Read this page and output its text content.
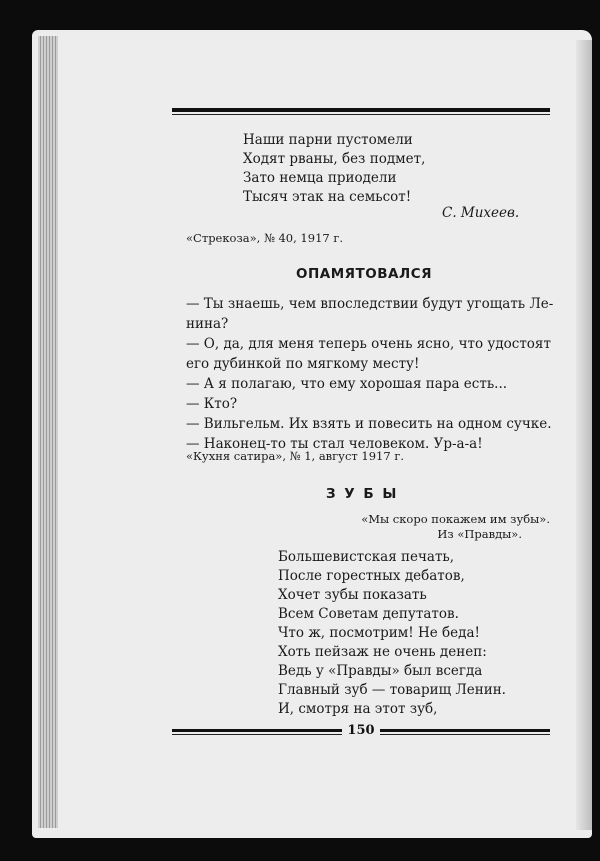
Наши парни пустомели
Ходят рваны, без подмет,
Зато немца приодели
Тысяч этак на семьсот!
С. Михеев.
«Стрекоза», № 40, 1917 г.
ОПАМЯТОВАЛСЯ
— Ты знаешь, чем впоследствии будут угощать Ле-
нина?
— О, да, для меня теперь очень ясно, что удостоят
его дубинкой по мягкому месту!
— А я полагаю, что ему хорошая пара есть...
— Кто?
— Вильгельм. Их взять и повесить на одном сучке.
— Наконец-то ты стал человеком. Ур-а-а!
«Кухня сатира», № 1, август 1917 г.
З У Б Ы
«Мы скоро покажем им зубы».
Из «Правды».
Большевистская печать,
После горестных дебатов,
Хочет зубы показать
Всем Советам депутатов.
Что ж, посмотрим! Не беда!
Хоть пейзаж не очень денеп:
Ведь у «Правды» был всегда
Главный зуб — товарищ Ленин.
И, смотря на этот зуб,
150
